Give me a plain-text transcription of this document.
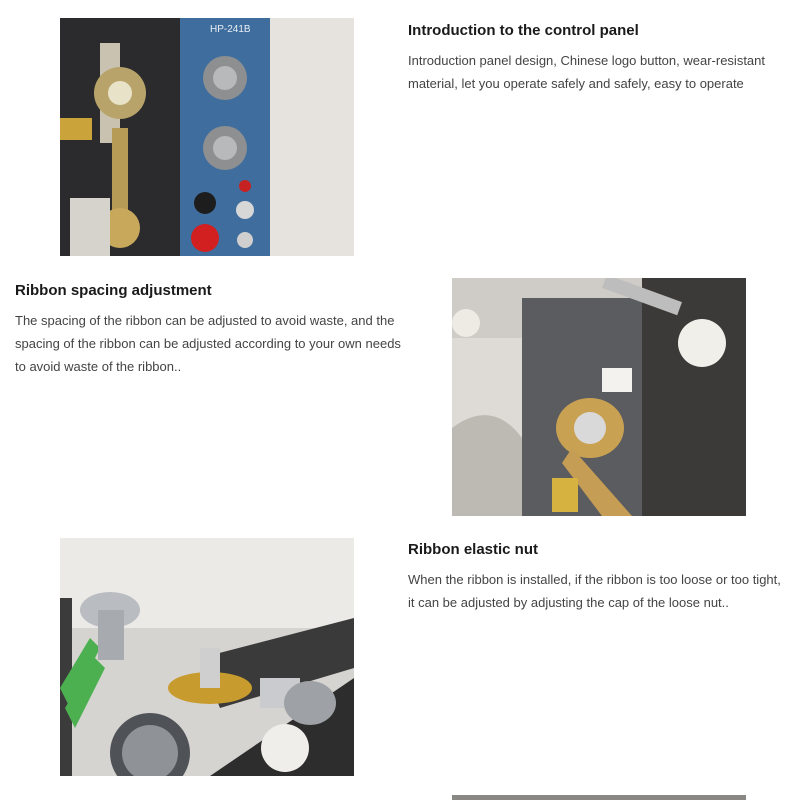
HP-241B	Introduction to the control panel

Introduction panel design, Chinese logo button, wear-resistant material, let you operate safely and safely, easy to operate

Ribbon spacing adjustment

The spacing of the ribbon can be adjusted to avoid waste, and the spacing of the ribbon can be adjusted according to your own needs to avoid waste of the ribbon..

Ribbon elastic nut

When the ribbon is installed, if the ribbon is too loose or too tight, it can be adjusted by adjusting the cap of the loose nut..
